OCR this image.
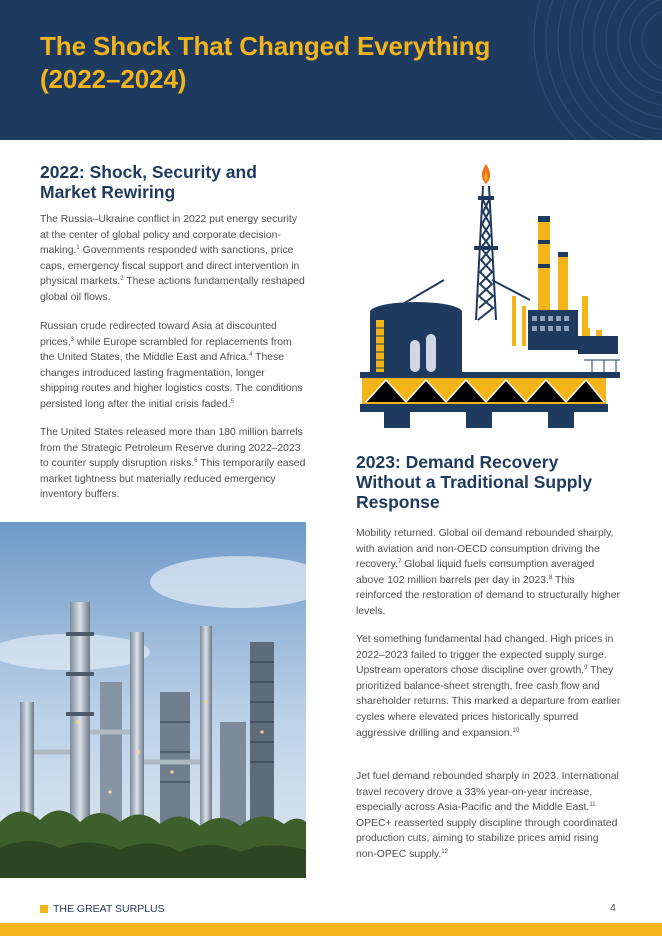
The Shock That Changed Everything
(2022–2024)
2022: Shock, Security and
Market Rewiring

The Russia–Ukraine conflict in 2022 put energy security at the center of global policy and corporate decision-making.$^1$ Governments responded with sanctions, price caps, emergency fiscal support and direct intervention in physical markets.$^2$ These actions fundamentally reshaped global oil flows.

Russian crude redirected toward Asia at discounted prices,$^3$ while Europe scrambled for replacements from the United States, the Middle East and Africa.$^4$ These changes introduced lasting fragmentation, longer shipping routes and higher logistics costs. The conditions persisted long after the initial crisis faded.$^5$

The United States released more than 180 million barrels from the Strategic Petroleum Reserve during 2022–2023 to counter supply disruption risks.$^6$ This temporarily eased market tightness but materially reduced emergency inventory buffers.

2023: Demand Recovery
Without a Traditional Supply
Response

Mobility returned. Global oil demand rebounded sharply, with aviation and non-OECD consumption driving the recovery.$^7$ Global liquid fuels consumption averaged above 102 million barrels per day in 2023.$^8$ This reinforced the restoration of demand to structurally higher levels.

Yet something fundamental had changed. High prices in 2022–2023 failed to trigger the expected supply surge. Upstream operators chose discipline over growth.$^9$ They prioritized balance-sheet strength, free cash flow and shareholder returns. This marked a departure from earlier cycles where elevated prices historically spurred aggressive drilling and expansion.$^{10}$

Jet fuel demand rebounded sharply in 2023. International travel recovery drove a 33% year-on-year increase, especially across Asia-Pacific and the Middle East.$^{11}$ OPEC+ reasserted supply discipline through coordinated production cuts, aiming to stabilize prices amid rising non-OPEC supply.$^{12}$

THE GREAT SURPLUS	4
